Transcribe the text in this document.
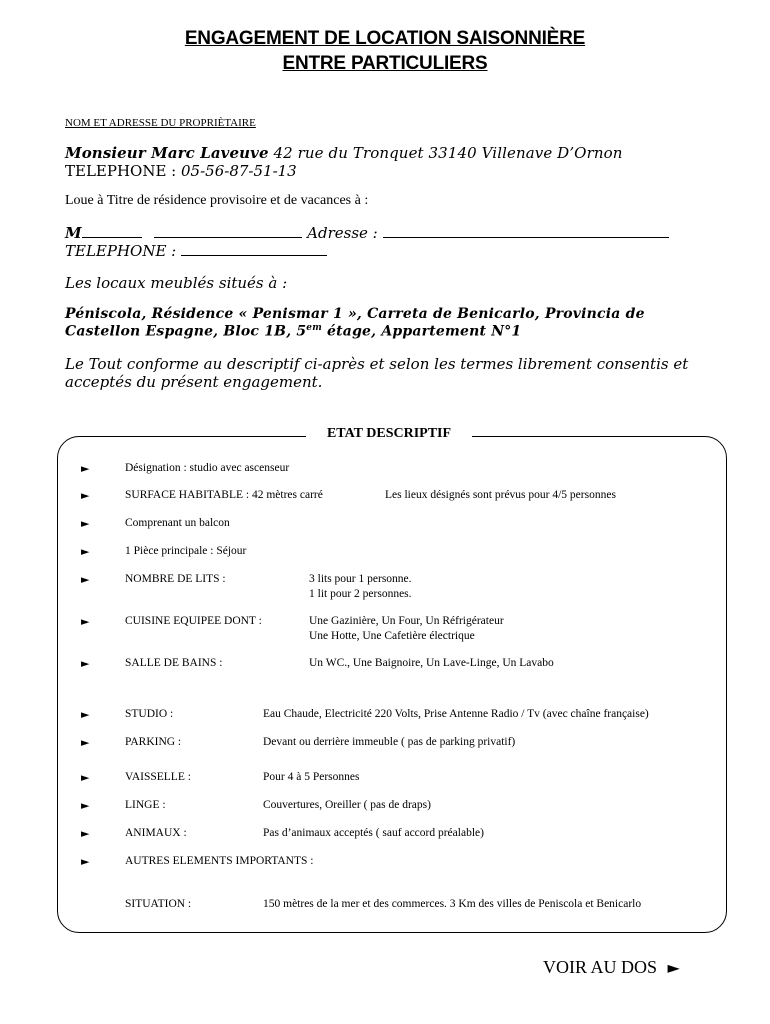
ENGAGEMENT DE LOCATION SAISONNIÈRE
ENTRE PARTICULIERS
NOM ET ADRESSE DU PROPRIÈTAIRE
Monsieur Marc Laveuve 42 rue du Tronquet 33140 Villenave D’Ornon
TELEPHONE : 05-56-87-51-13
Loue à Titre de résidence provisoire et de vacances à :
M	Adresse :
TELEPHONE :
Les locaux meublés situés à :
Péniscola, Résidence « Penismar 1 », Carreta de Benicarlo, Provincia de
Castellon Espagne, Bloc 1B, $5^{em}$ étage, Appartement N°1
Le Tout conforme au descriptif ci-après et selon les termes librement consentis et
acceptés du présent engagement.
ETAT DESCRIPTIF
►	Désignation : studio avec ascenseur
►	SURFACE HABITABLE : 42 mètres carré	Les lieux désignés sont prévus pour 4/5 personnes
►	Comprenant un balcon
►	1 Pièce principale : Séjour
►	NOMBRE DE LITS :	3 lits pour 1 personne.
1 lit pour 2 personnes.
►	CUISINE EQUIPEE DONT :	Une Gazinière, Un Four, Un Réfrigérateur
Une Hotte, Une Cafetière électrique
►	SALLE DE BAINS :	Un WC., Une Baignoire, Un Lave-Linge, Un Lavabo
►	STUDIO :	Eau Chaude, Electricité 220 Volts, Prise Antenne Radio / Tv (avec chaîne française)
►	PARKING :	Devant ou derrière immeuble ( pas de parking privatif)
►	VAISSELLE :	Pour 4 à 5 Personnes
►	LINGE :	Couvertures, Oreiller ( pas de draps)
►	ANIMAUX :	Pas d’animaux acceptés ( sauf accord préalable)
►	AUTRES ELEMENTS IMPORTANTS :
SITUATION :	150 mètres de la mer et des commerces. 3 Km des villes de Peniscola et Benicarlo
VOIR AU DOS ►
